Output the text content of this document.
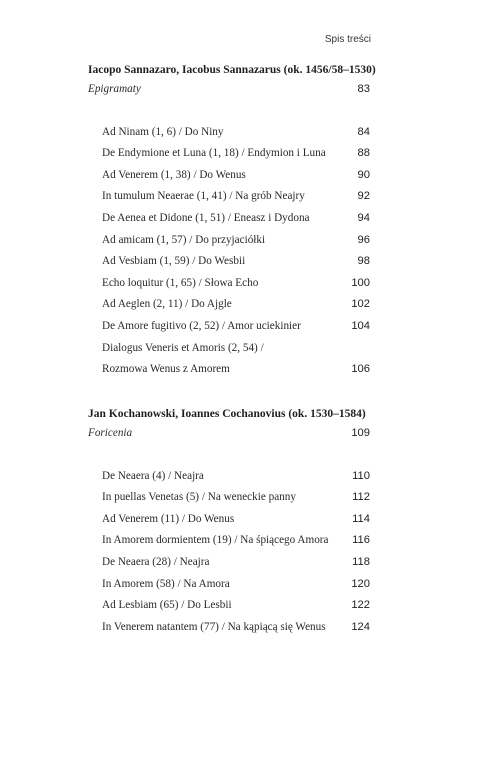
Spis treści
Iacopo Sannazaro, Iacobus Sannazarus (ok. 1456/58–1530)
Epigramaty	83
Ad Ninam (1, 6) / Do Niny	84
De Endymione et Luna (1, 18) / Endymion i Luna	88
Ad Venerem (1, 38) / Do Wenus	90
In tumulum Neaerae (1, 41) / Na grób Neajry	92
De Aenea et Didone (1, 51) / Eneasz i Dydona	94
Ad amicam (1, 57) / Do przyjaciółki	96
Ad Vesbiam (1, 59) / Do Wesbii	98
Echo loquitur (1, 65) / Słowa Echo	100
Ad Aeglen (2, 11) / Do Ajgle	102
De Amore fugitivo (2, 52) / Amor uciekinier	104
Dialogus Veneris et Amoris (2, 54) /
Rozmowa Wenus z Amorem	106
Jan Kochanowski, Ioannes Cochanovius (ok. 1530–1584)
Foricenia	109
De Neaera (4) / Neajra	110
In puellas Venetas (5) / Na weneckie panny	112
Ad Venerem (11) / Do Wenus	114
In Amorem dormientem (19) / Na śpiącego Amora 116
De Neaera (28) / Neajra	118
In Amorem (58) / Na Amora	120
Ad Lesbiam (65) / Do Lesbii	122
In Venerem natantem (77) / Na kąpiącą się Wenus 124
